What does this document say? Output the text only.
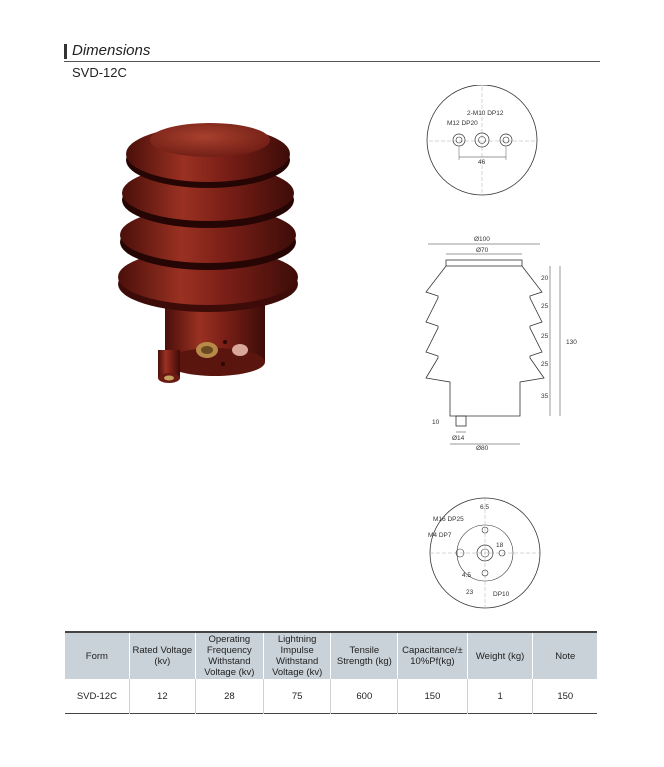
Dimensions
SVD-12C
2-M10 DP12
M12 DP20
46
Ø100
Ø70
Ø14
Ø80
130
20
25
25
25
35
10
M16 DP25
M4 DP7
6.5
18
4.5
23	DP10
Form	Rated Voltage (kv)	Operating Frequency Withstand Voltage (kv)	Lightning Impulse Withstand Voltage (kv)	Tensile Strength (kg)	Capacitance/± 10%Pf(kg)	Weight (kg)	Note
SVD-12C	12	28	75	600	150	1	150
